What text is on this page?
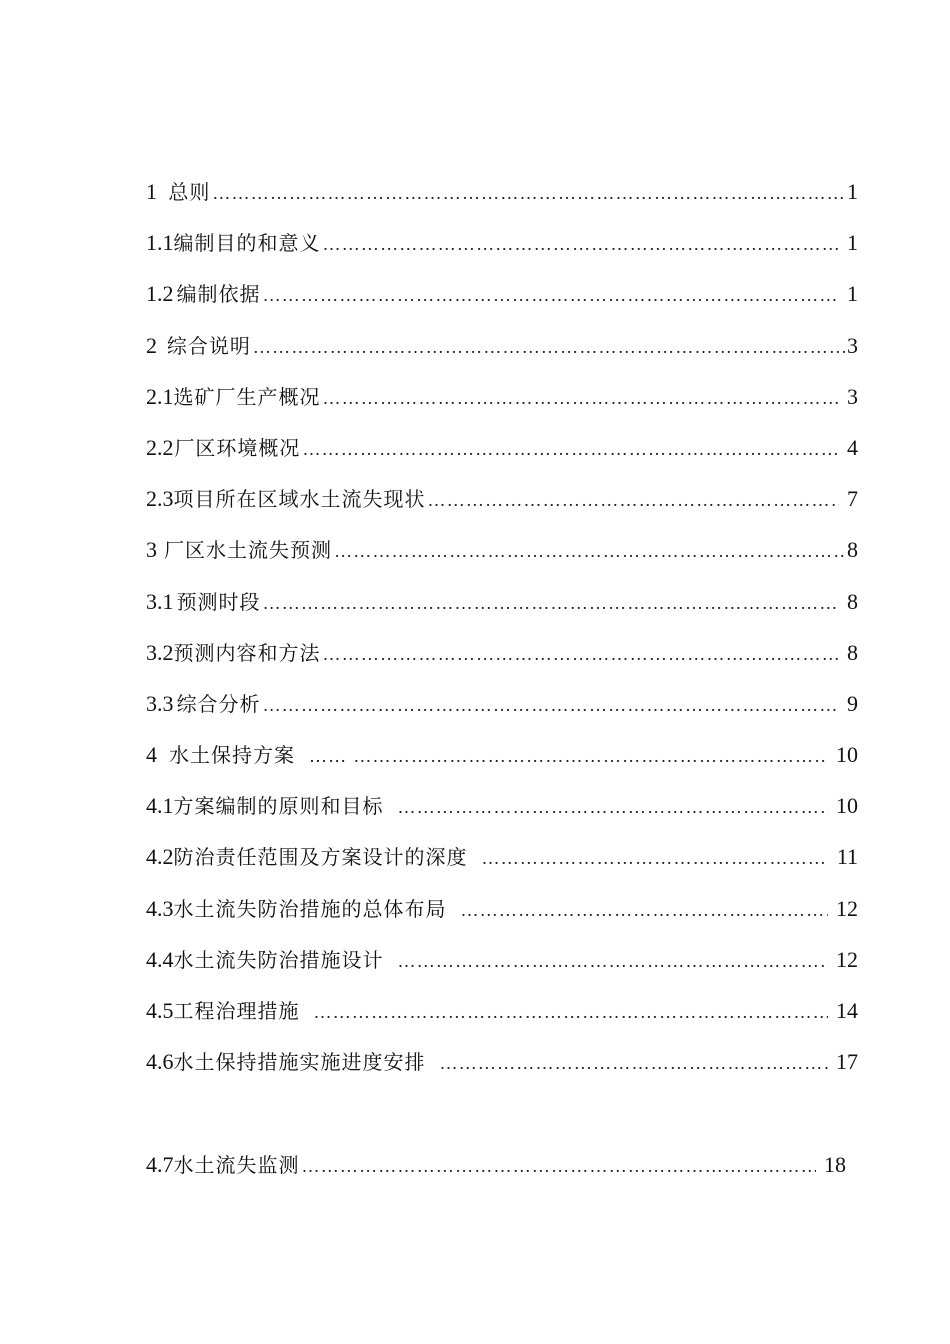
1 总则 ……………………………………………………………………………………………………………………………………………………	1
1.1 编制目的和意义 ……………………………………………………………………………………………………………………………………………………	1
1.2 编制依据 ……………………………………………………………………………………………………………………………………………………	1
2 综合说明 ……………………………………………………………………………………………………………………………………………………	3
2.1 选矿厂生产概况 ……………………………………………………………………………………………………………………………………………………	3
2.2 厂区环境概况 ……………………………………………………………………………………………………………………………………………………	4
2.3 项目所在区域水土流失现状 ……………………………………………………………………………………………………………………………………………………	7
3 厂区水土流失预测 ……………………………………………………………………………………………………………………………………………………	8
3.1 预测时段 ……………………………………………………………………………………………………………………………………………………	8
3.2 预测内容和方法 ……………………………………………………………………………………………………………………………………………………	8
3.3 综合分析 ……………………………………………………………………………………………………………………………………………………	9
4 水土保持方案 …… ……………………………………………………………………………………………………………………………………………………	10
4.1 方案编制的原则和目标 ……………………………………………………………………………………………………………………………………………………	10
4.2 防治责任范围及方案设计的深度 ……………………………………………………………………………………………………………………………………………………	11
4.3 水土流失防治措施的总体布局 ……………………………………………………………………………………………………………………………………………………	12
4.4 水土流失防治措施设计 ……………………………………………………………………………………………………………………………………………………	12
4.5 工程治理措施 ……………………………………………………………………………………………………………………………………………………	14
4.6 水土保持措施实施进度安排 ……………………………………………………………………………………………………………………………………………………	17
4.7 水土流失监测 ……………………………………………………………………………………………………………………………………………………	18
